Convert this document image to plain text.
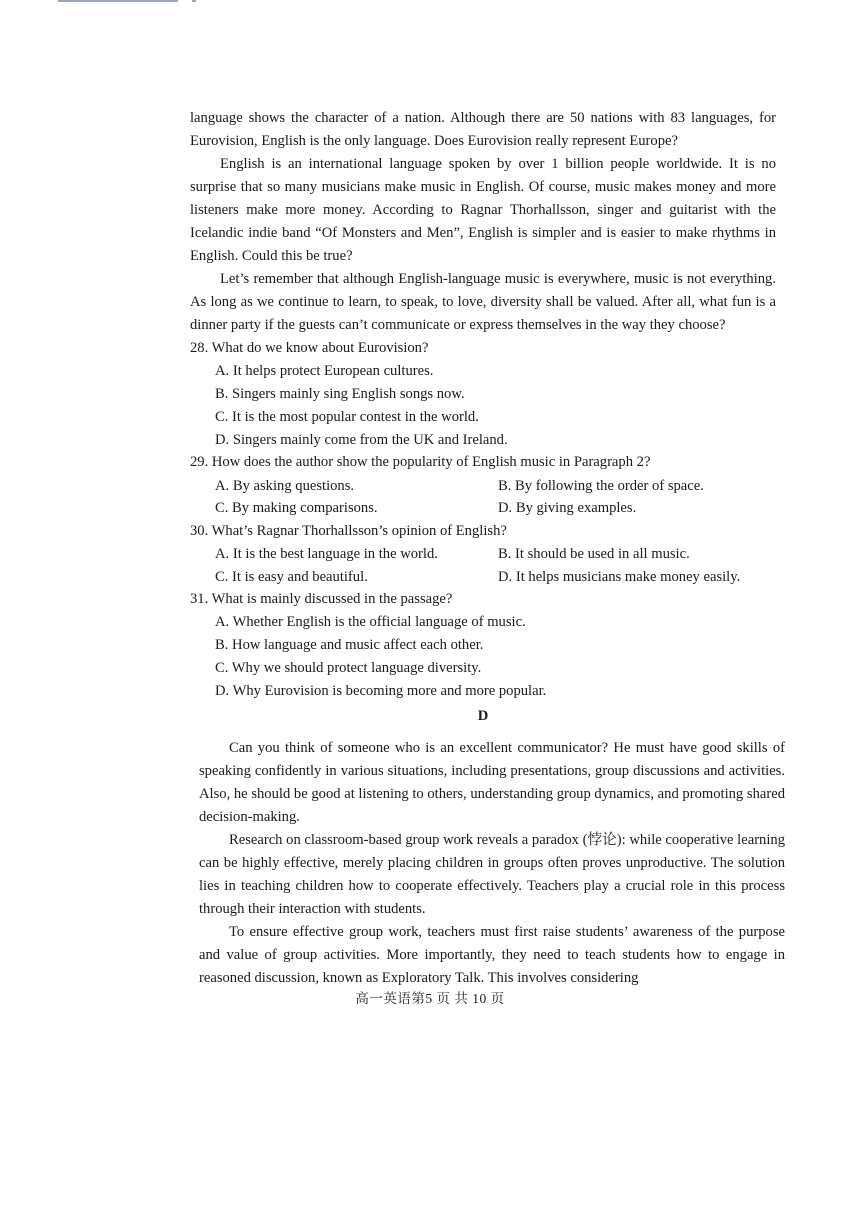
language shows the character of a nation. Although there are 50 nations with 83 languages, for Eurovision, English is the only language. Does Eurovision really represent Europe?

English is an international language spoken by over 1 billion people worldwide. It is no surprise that so many musicians make music in English. Of course, music makes money and more listeners make more money. According to Ragnar Thorhallsson, singer and guitarist with the Icelandic indie band “Of Monsters and Men”, English is simpler and is easier to make rhythms in English. Could this be true?

Let’s remember that although English-language music is everywhere, music is not everything. As long as we continue to learn, to speak, to love, diversity shall be valued. After all, what fun is a dinner party if the guests can’t communicate or express themselves in the way they choose?

28. What do we know about Eurovision?
A. It helps protect European cultures.
B. Singers mainly sing English songs now.
C. It is the most popular contest in the world.
D. Singers mainly come from the UK and Ireland.
29. How does the author show the popularity of English music in Paragraph 2?
A. By asking questions.	B. By following the order of space.
C. By making comparisons.	D. By giving examples.
30. What’s Ragnar Thorhallsson’s opinion of English?
A. It is the best language in the world.	B. It should be used in all music.
C. It is easy and beautiful.	D. It helps musicians make money easily.
31. What is mainly discussed in the passage?
A. Whether English is the official language of music.
B. How language and music affect each other.
C. Why we should protect language diversity.
D. Why Eurovision is becoming more and more popular.
D

Can you think of someone who is an excellent communicator? He must have good skills of speaking confidently in various situations, including presentations, group discussions and activities. Also, he should be good at listening to others, understanding group dynamics, and promoting shared decision-making.

Research on classroom-based group work reveals a paradox (悖论): while cooperative learning can be highly effective, merely placing children in groups often proves unproductive. The solution lies in teaching children how to cooperate effectively. Teachers play a crucial role in this process through their interaction with students.

To ensure effective group work, teachers must first raise students’ awareness of the purpose and value of group activities. More importantly, they need to teach students how to engage in reasoned discussion, known as Exploratory Talk. This involves considering

高一英语第5 页 共 10 页
